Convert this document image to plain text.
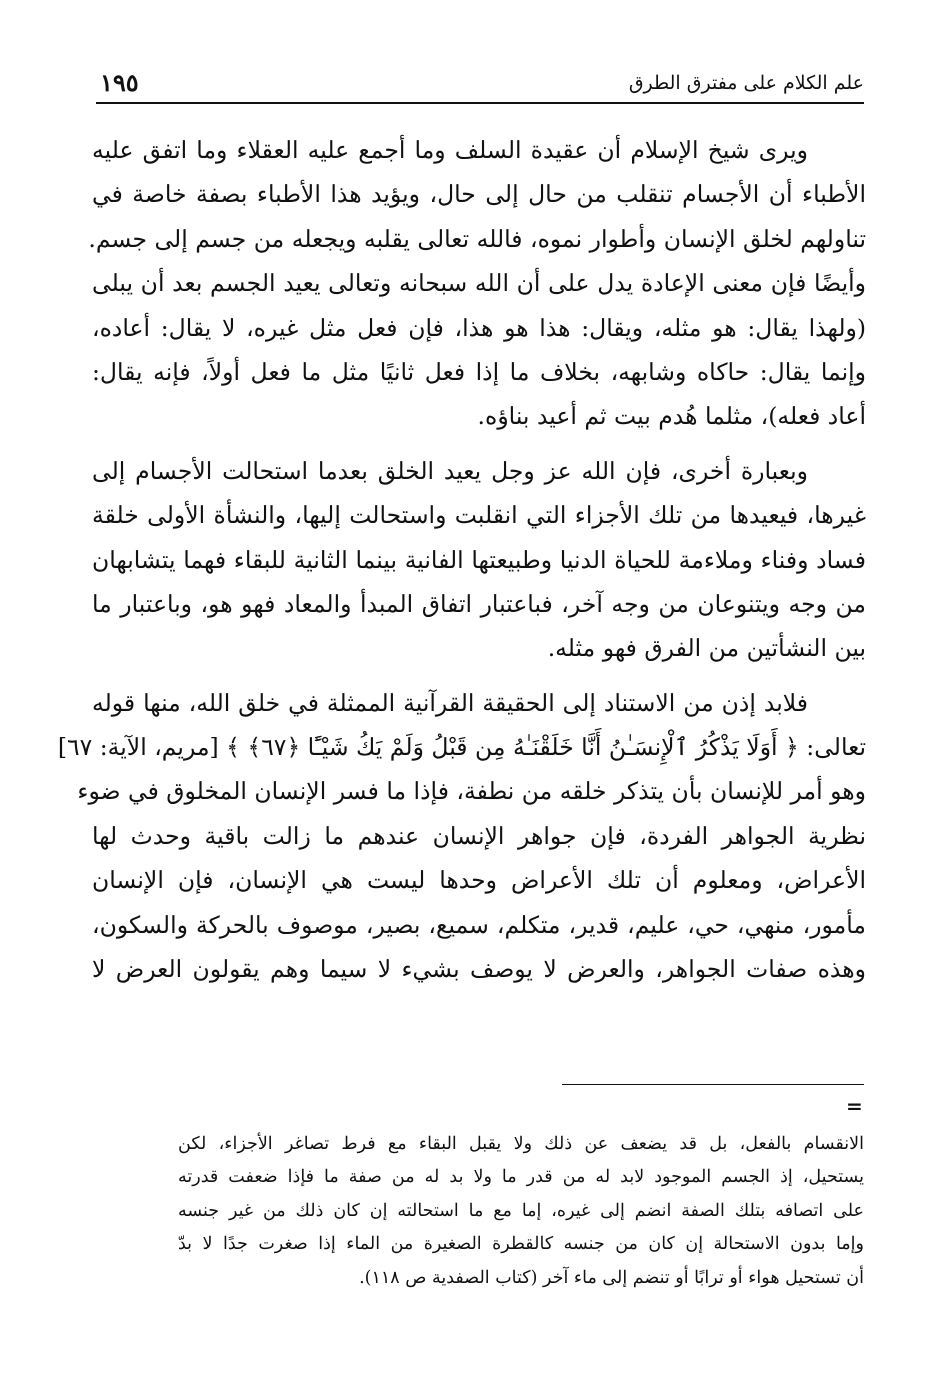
علم الكلام على مفترق الطرق
١٩٥
ويرى شيخ الإسلام أن عقيدة السلف وما أجمع عليه العقلاء وما اتفق عليه
الأطباء أن الأجسام تنقلب من حال إلى حال، ويؤيد هذا الأطباء بصفة خاصة في
تناولهم لخلق الإنسان وأطوار نموه، فالله تعالى يقلبه ويجعله من جسم إلى جسم.
وأيضًا فإن معنى الإعادة يدل على أن الله سبحانه وتعالى يعيد الجسم بعد أن يبلى
(ولهذا يقال: هو مثله، ويقال: هذا هو هذا، فإن فعل مثل غيره، لا يقال: أعاده،
وإنما يقال: حاكاه وشابهه، بخلاف ما إذا فعل ثانيًا مثل ما فعل أولاً، فإنه يقال:
أعاد فعله)، مثلما هُدم بيت ثم أعيد بناؤه.
وبعبارة أخرى، فإن الله عز وجل يعيد الخلق بعدما استحالت الأجسام إلى
غيرها، فيعيدها من تلك الأجزاء التي انقلبت واستحالت إليها، والنشأة الأولى خلقة
فساد وفناء وملاءمة للحياة الدنيا وطبيعتها الفانية بينما الثانية للبقاء فهما يتشابهان
من وجه ويتنوعان من وجه آخر، فباعتبار اتفاق المبدأ والمعاد فهو هو، وباعتبار ما
بين النشأتين من الفرق فهو مثله.
فلابد إذن من الاستناد إلى الحقيقة القرآنية الممثلة في خلق الله، منها قوله
تعالى: ﴿ أَوَلَا يَذْكُرُ ٱلْإِنسَـٰنُ أَنَّا خَلَقْنَـٰهُ مِن قَبْلُ وَلَمْ يَكُ شَيْـًٔا ﴿٦٧﴾ ﴾ [مريم، الآية: ٦٧]
وهو أمر للإنسان بأن يتذكر خلقه من نطفة، فإذا ما فسر الإنسان المخلوق في ضوء
نظرية الجواهر الفردة، فإن جواهر الإنسان عندهم ما زالت باقية وحدث لها
الأعراض، ومعلوم أن تلك الأعراض وحدها ليست هي الإنسان، فإن الإنسان
مأمور، منهي، حي، عليم، قدير، متكلم، سميع، بصير، موصوف بالحركة والسكون،
وهذه صفات الجواهر، والعرض لا يوصف بشيء لا سيما وهم يقولون العرض لا
=
الانقسام بالفعل، بل قد يضعف عن ذلك ولا يقبل البقاء مع فرط تصاغر الأجزاء، لكن
يستحيل، إذ الجسم الموجود لابد له من قدر ما ولا بد له من صفة ما فإذا ضعفت قدرته
على اتصافه بتلك الصفة انضم إلى غيره، إما مع ما استحالته إن كان ذلك من غير جنسه
وإما بدون الاستحالة إن كان من جنسه كالقطرة الصغيرة من الماء إذا صغرت جدًا لا بدّ
أن تستحيل هواء أو ترابًا أو تنضم إلى ماء آخر (كتاب الصفدية ص ١١٨).
